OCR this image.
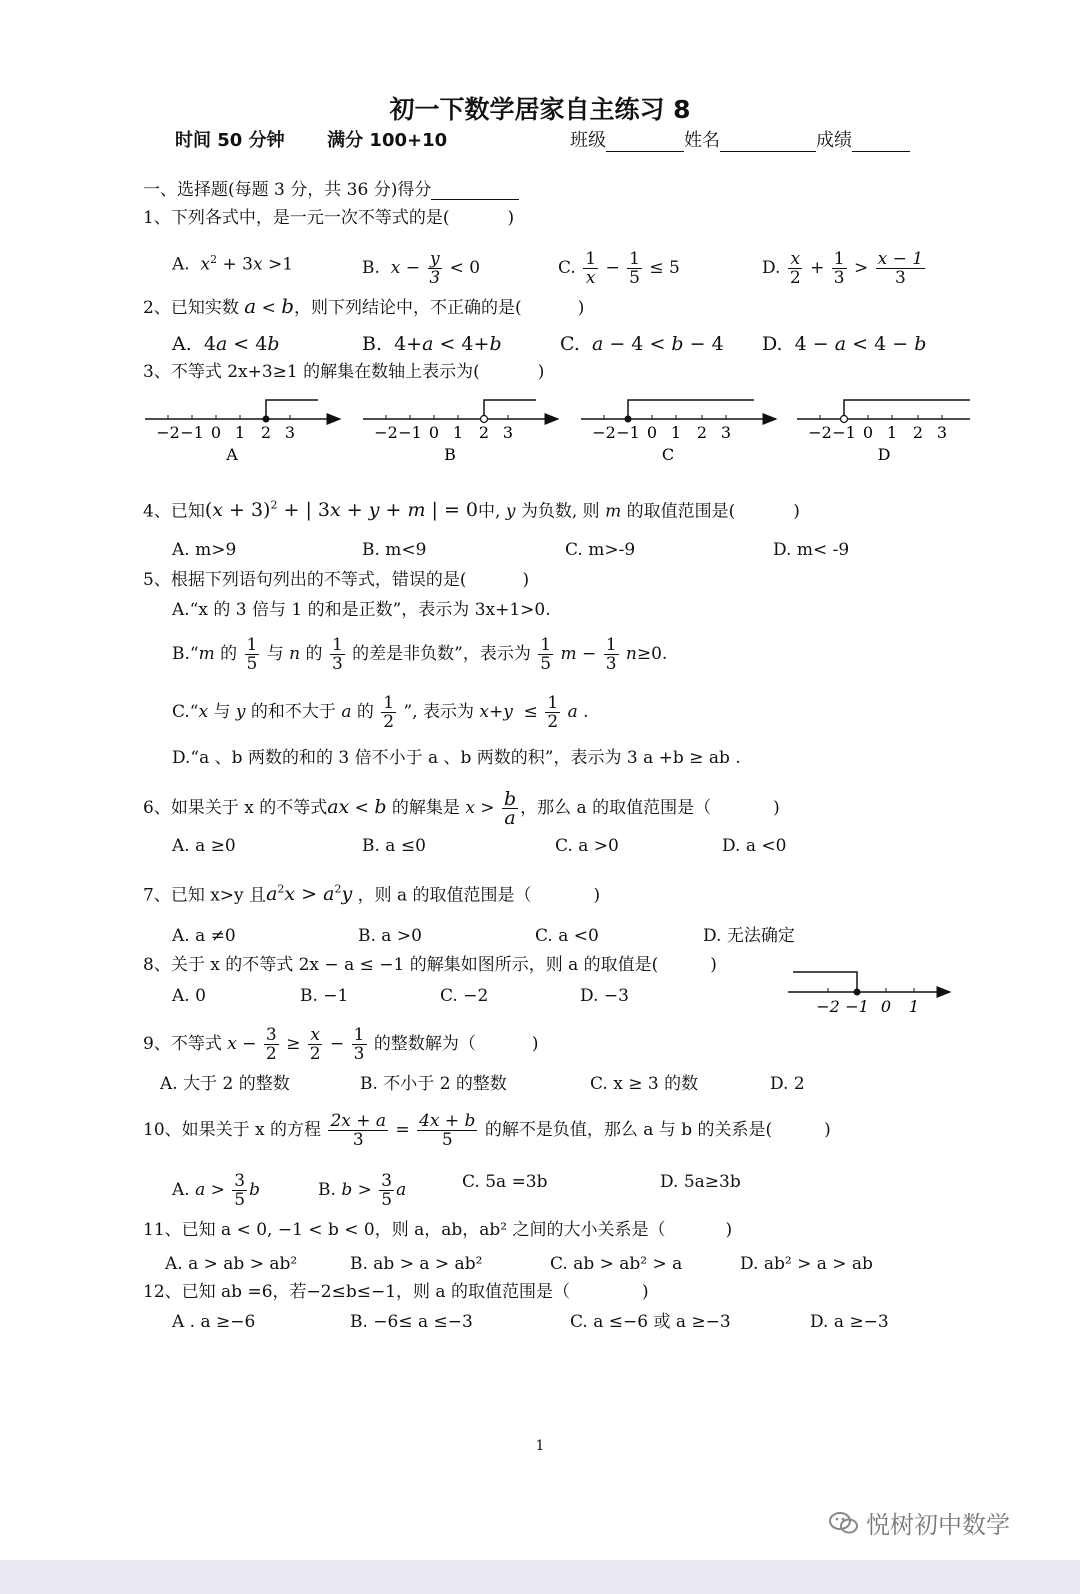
初一下数学居家自主练习 8
时间 50 分钟 满分 100+10	班级	姓名	成绩
一、选择题(每题 3 分，共 36 分)得分
1、下列各式中，是一元一次不等式的是(	)
A.  $x^2 + 3x >1$	B.  $x - \frac{y}{3} < 0$	C. $\frac{1}{x} - \frac{1}{5} \le 5$	D. $\frac{x}{2} + \frac{1}{3} > \frac{x - 1}{3}$
2、已知实数 a < b，则下列结论中，不正确的是(	)
A.  4a < 4b	B.  4+a < 4+b	C.  a − 4 < b − 4 D.  4 − a < 4 − b
3、不等式 2x+3≥1 的解集在数轴上表示为(	)
−2 −1 0 1 2 3
A
−2 −1 0 1 2 3
B
−2 −1 0 1 2 3
C
−2 −1 0 1 2 3
D
4、已知$(x + 3)^2$ + | 3x + y + m | = 0中, y 为负数, 则 m 的取值范围是(	)
A. m>9	B. m<9	C. m>-9	D. m< -9
5、根据下列语句列出的不等式，错误的是(	)
A.“x 的 3 倍与 1 的和是正数”，表示为 3x+1>0.
B.“m 的 $\frac{1}{5}$ 与 n 的 $\frac{1}{3}$ 的差是非负数”，表示为 $\frac{1}{5}$ $m - \frac{1}{3} n\ge 0$.
C.“x 与 y 的和不大于 a 的 $\frac{1}{2}$ ”, 表示为 $x+y \le \frac{1}{2}$ a .
D.“a 、b 两数的和的 3 倍不小于 a 、b 两数的积”，表示为 3 a +b ≥ ab .
6、如果关于 x 的不等式ax < b 的解集是 $x > \frac{b}{a}$ ，那么 a 的取值范围是（	)
A. a ≥0	B. a ≤0	C. a >0	D. a <0
7、已知 x>y 且$a^2x > a^2y$ ，则 a 的取值范围是（	)
A. a ≠0	B. a >0	C. a <0	D. 无法确定
8、关于 x 的不等式 2x − a ≤ −1 的解集如图所示，则 a 的取值是(	)
A. 0	B. −1	C. −2	D. −3
−2 −1 0 1
9、不等式 $x - \frac{3}{2} \ge \frac{x}{2} - \frac{1}{3}$ 的整数解为（	)
A. 大于 2 的整数	B. 不小于 2 的整数	C. x ≥ 3 的数	D. 2
10、如果关于 x 的方程 $\frac{2x + a}{3} = \frac{4x + b}{5}$ 的解不是负值，那么 a 与 b 的关系是(	)
A. $a > \frac{3}{5}$ b	B. $b > \frac{3}{5}$ a	C. 5a =3b	D. 5a≥3b
11、已知 a < 0, −1 < b < 0，则 a，ab，ab² 之间的大小关系是（	)
A. a > ab > ab²	B. ab > a > ab²	C. ab > ab² > a	D. ab² > a > ab
12、已知 ab =6，若−2≤b≤−1，则 a 的取值范围是（	)
A . a ≥−6	B. −6≤ a ≤−3	C. a ≤−6 或 a ≥−3	D. a ≥−3
1
悦树初中数学
